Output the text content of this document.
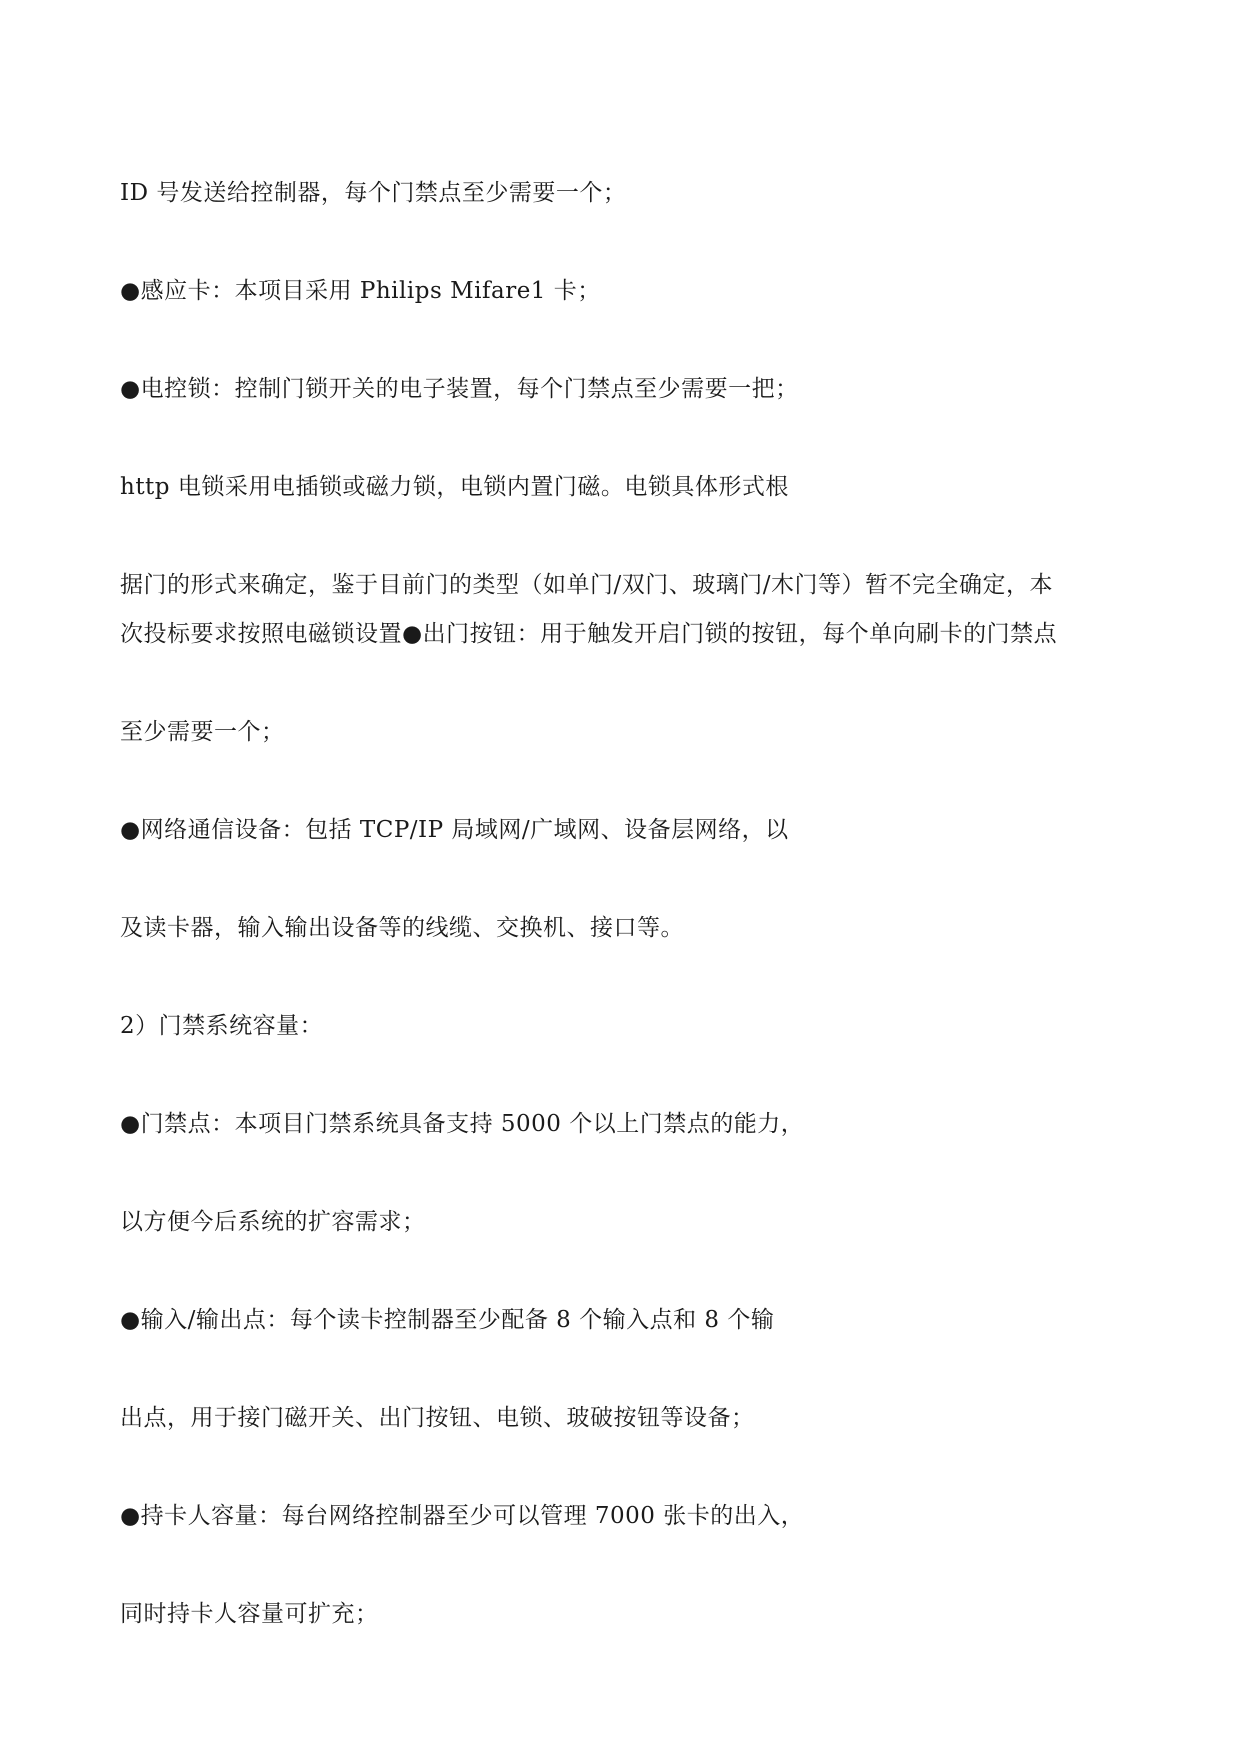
ID 号发送给控制器，每个门禁点至少需要一个；
●感应卡：本项目采用 Philips Mifare1 卡；
●电控锁：控制门锁开关的电子装置，每个门禁点至少需要一把；
http 电锁采用电插锁或磁力锁，电锁内置门磁。电锁具体形式根
据门的形式来确定，鉴于目前门的类型（如单门/双门、玻璃门/木门等）暂不完全确定，本
次投标要求按照电磁锁设置●出门按钮：用于触发开启门锁的按钮，每个单向刷卡的门禁点
至少需要一个；
●网络通信设备：包括 TCP/IP 局域网/广域网、设备层网络，以
及读卡器，输入输出设备等的线缆、交换机、接口等。
2）门禁系统容量：
●门禁点：本项目门禁系统具备支持 5000 个以上门禁点的能力，
以方便今后系统的扩容需求；
●输入/输出点：每个读卡控制器至少配备 8 个输入点和 8 个输
出点，用于接门磁开关、出门按钮、电锁、玻破按钮等设备；
●持卡人容量：每台网络控制器至少可以管理 7000 张卡的出入，
同时持卡人容量可扩充；
